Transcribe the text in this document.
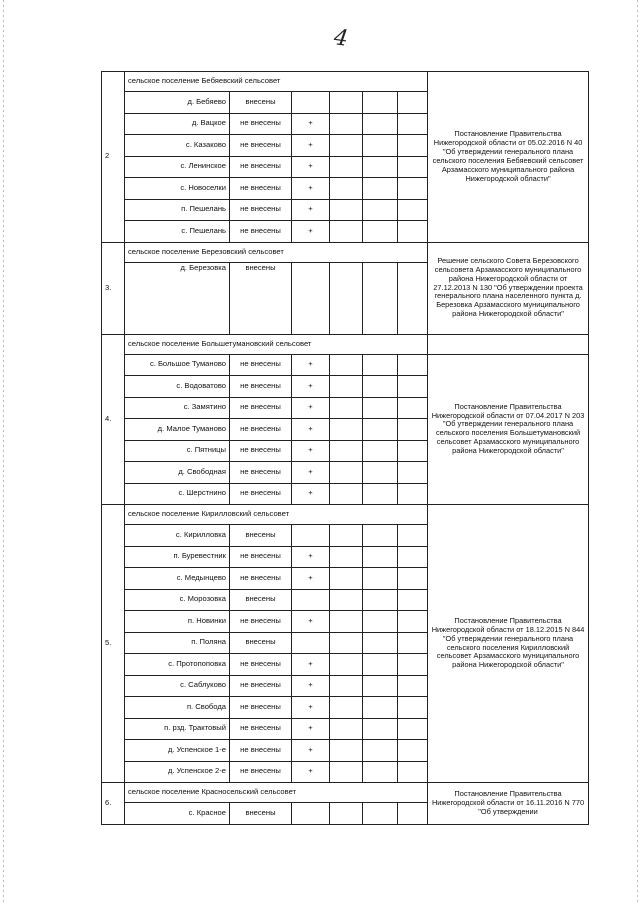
4
2	сельское поселение Бебяевский сельсовет						Постановление Правительства Нижегородской области от 05.02.2016 N 40 "Об утверждении генерального плана сельского поселения Бебяевский сельсовет Арзамасского муниципального района Нижегородской области"
	д. Бебяево	внесены					
	д. Вацкое	не внесены	+				
	с. Казаково	не внесены	+				
	с. Ленинское	не внесены	+				
	с. Новоселки	не внесены	+				
	п. Пешелань	не внесены	+				
	с. Пешелань	не внесены	+				
3.	сельское поселение Березовский сельсовет						Решение сельского Совета Березовского сельсовета Арзамасского муниципального района Нижегородской области от 27.12.2013 N 130 "Об утверждении проекта генерального плана населенного пункта д. Березовка Арзамасского муниципального района Нижегородской области"
	д. Березовка	внесены					
4.	сельское поселение Большетумановский сельсовет						
	с. Большое Туманово	не внесены	+				Постановление Правительства Нижегородской области от 07.04.2017 N 203 "Об утверждении генерального плана сельского поселения Большетумановский сельсовет Арзамасского муниципального района Нижегородской области"
	с. Водоватово	не внесены	+				
	с. Замятино	не внесены	+				
	д. Малое Туманово	не внесены	+				
	с. Пятницы	не внесены	+				
	д. Свободная	не внесены	+				
	с. Шерстнино	не внесены	+				
5.	сельское поселение Кирилловский сельсовет						Постановление Правительства Нижегородской области от 18.12.2015 N 844 "Об утверждении генерального плана сельского поселения Кирилловский сельсовет Арзамасского муниципального района Нижегородской области"
	с. Кирилловка	внесены					
	п. Буревестник	не внесены	+				
	с. Медынцево	не внесены	+				
	с. Морозовка	внесены					
	п. Новинки	не внесены	+				
	п. Поляна	внесены					
	с. Протопоповка	не внесены	+				
	с. Саблуково	не внесены	+				
	п. Свобода	не внесены	+				
	п. рзд. Трактовый	не внесены	+				
	д. Успенское 1-е	не внесены	+				
	д. Успенское 2-е	не внесены	+				
6.	сельское поселение Красносельский сельсовет						Постановление Правительства Нижегородской области от 16.11.2016 N 770 "Об утверждении
	с. Красное	внесены					
